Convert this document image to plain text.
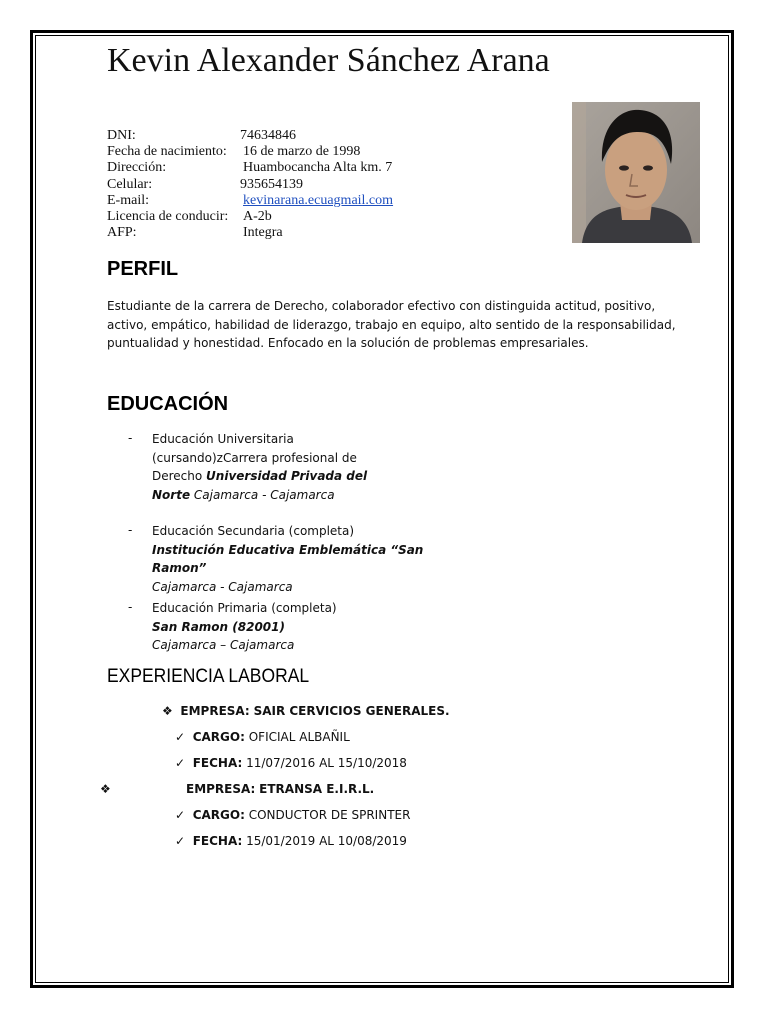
Kevin Alexander Sánchez Arana
DNI:	74634846
Fecha de nacimiento: 16 de marzo de 1998
Dirección:	Huambocancha Alta km. 7
Celular:	935654139
E-mail:	kevinarana.ecuagmail.com
Licencia de conducir: A-2b
AFP:	Integra
PERFIL
Estudiante de la carrera de Derecho, colaborador efectivo con distinguida actitud, positivo, activo, empático, habilidad de liderazgo, trabajo en equipo, alto sentido de la responsabilidad, puntualidad y honestidad. Enfocado en la solución de problemas empresariales.
EDUCACIÓN
- Educación Universitaria (cursando)zCarrera profesional de Derecho Universidad Privada del Norte Cajamarca - Cajamarca
- Educación Secundaria (completa)
Institución Educativa Emblemática “San Ramon”
Cajamarca - Cajamarca
- Educación Primaria (completa)
San Ramon (82001)
Cajamarca – Cajamarca
EXPERIENCIA LABORAL
❖ EMPRESA: SAIR CERVICIOS GENERALES.
✓ CARGO: OFICIAL ALBAÑIL
✓ FECHA: 11/07/2016 AL 15/10/2018
❖	EMPRESA: ETRANSA E.I.R.L.
✓ CARGO: CONDUCTOR DE SPRINTER
✓ FECHA: 15/01/2019 AL 10/08/2019
